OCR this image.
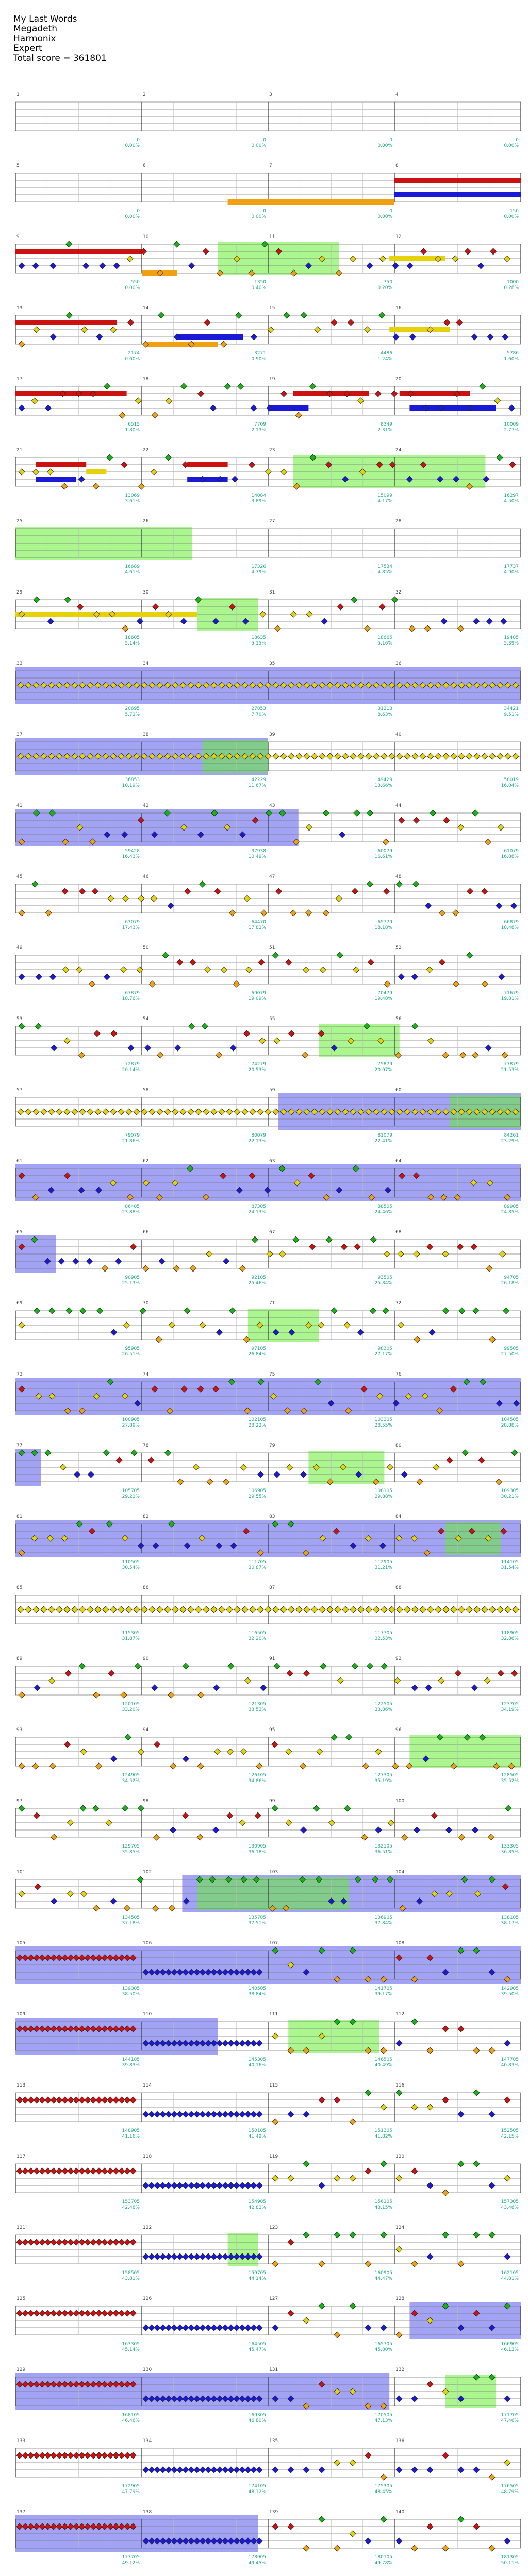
My Last Words
Megadeth
Harmonix
Expert
Total score = 361801
1
0
0.00%
2
0
0.00%
3
0
0.00%
4
0
0.00%
5
0
0.00%
6
0
0.00%
7
0
0.00%
8
150
0.00%
9
550
0.00%
10
1350
0.40%
11
750
0.20%
12
1000
0.28%
13
2174
0.60%
14
3271
0.90%
15
4486
1.24%
16
5786
1.60%
17
6515
1.80%
18
7709
2.13%
19
8349
2.31%
20
10009
2.77%
21
13069
3.61%
22
14084
3.89%
23
15099
4.17%
24
16297
4.50%
25
16689
4.61%
26
17326
4.79%
27
17534
4.85%
28
17737
4.90%
29
18605
5.14%
30
18635
5.15%
31
18665
5.16%
32
19485
5.39%
33
20695
5.72%
34
27853
7.70%
35
31213
8.63%
36
34421
9.51%
37
36853
10.19%
38
42229
11.67%
39
49429
13.66%
40
58019
16.04%
41
59428
16.43%
42
37938
10.49%
43
60079
16.61%
44
61079
16.88%
45
63079
17.43%
46
64470
17.82%
47
65779
18.18%
48
66879
18.48%
49
67879
18.76%
50
69079
19.09%
51
70479
19.48%
52
71679
19.81%
53
72879
20.14%
54
74279
20.53%
55
75879
20.97%
56
77879
21.53%
57
79079
21.86%
58
80079
22.13%
59
81079
22.41%
60
84261
23.29%
61
86405
23.88%
62
87305
24.13%
63
88505
24.46%
64
89905
24.85%
65
90905
25.13%
66
92105
25.46%
67
93505
25.84%
68
94705
26.18%
69
95905
26.51%
70
97105
26.84%
71
98305
27.17%
72
99505
27.50%
73
100905
27.89%
74
102105
28.22%
75
103305
28.55%
76
104505
28.88%
77
105705
29.22%
78
106905
29.55%
79
108105
29.88%
80
109305
30.21%
81
110505
30.54%
82
111705
30.87%
83
112905
31.21%
84
114105
31.54%
85
115305
31.87%
86
116505
32.20%
87
117705
32.53%
88
118905
32.86%
89
120105
33.20%
90
121305
33.53%
91
122505
33.86%
92
123705
34.19%
93
124905
34.52%
94
126105
34.86%
95
127305
35.19%
96
128505
35.52%
97
129705
35.85%
98
130905
36.18%
99
132105
36.51%
100
133305
36.85%
101
134505
37.18%
102
135705
37.51%
103
136905
37.84%
104
138105
38.17%
105
139305
38.50%
106
140505
38.84%
107
141705
39.17%
108
142905
39.50%
109
144105
39.83%
110
145305
40.16%
111
146505
40.49%
112
147705
40.83%
113
148905
41.16%
114
150105
41.49%
115
151305
41.82%
116
152505
42.15%
117
153705
42.48%
118
154905
42.82%
119
156105
43.15%
120
157305
43.48%
121
158505
43.81%
122
159705
44.14%
123
160905
44.47%
124
162105
44.81%
125
163305
45.14%
126
164505
45.47%
127
165705
45.80%
128
166905
46.13%
129
168105
46.46%
130
169305
46.80%
131
170505
47.13%
132
171705
47.46%
133
172905
47.79%
134
174105
48.12%
135
175305
48.45%
136
176505
48.79%
137
177705
49.12%
138
178905
49.45%
139
180105
49.78%
140
181305
50.11%
